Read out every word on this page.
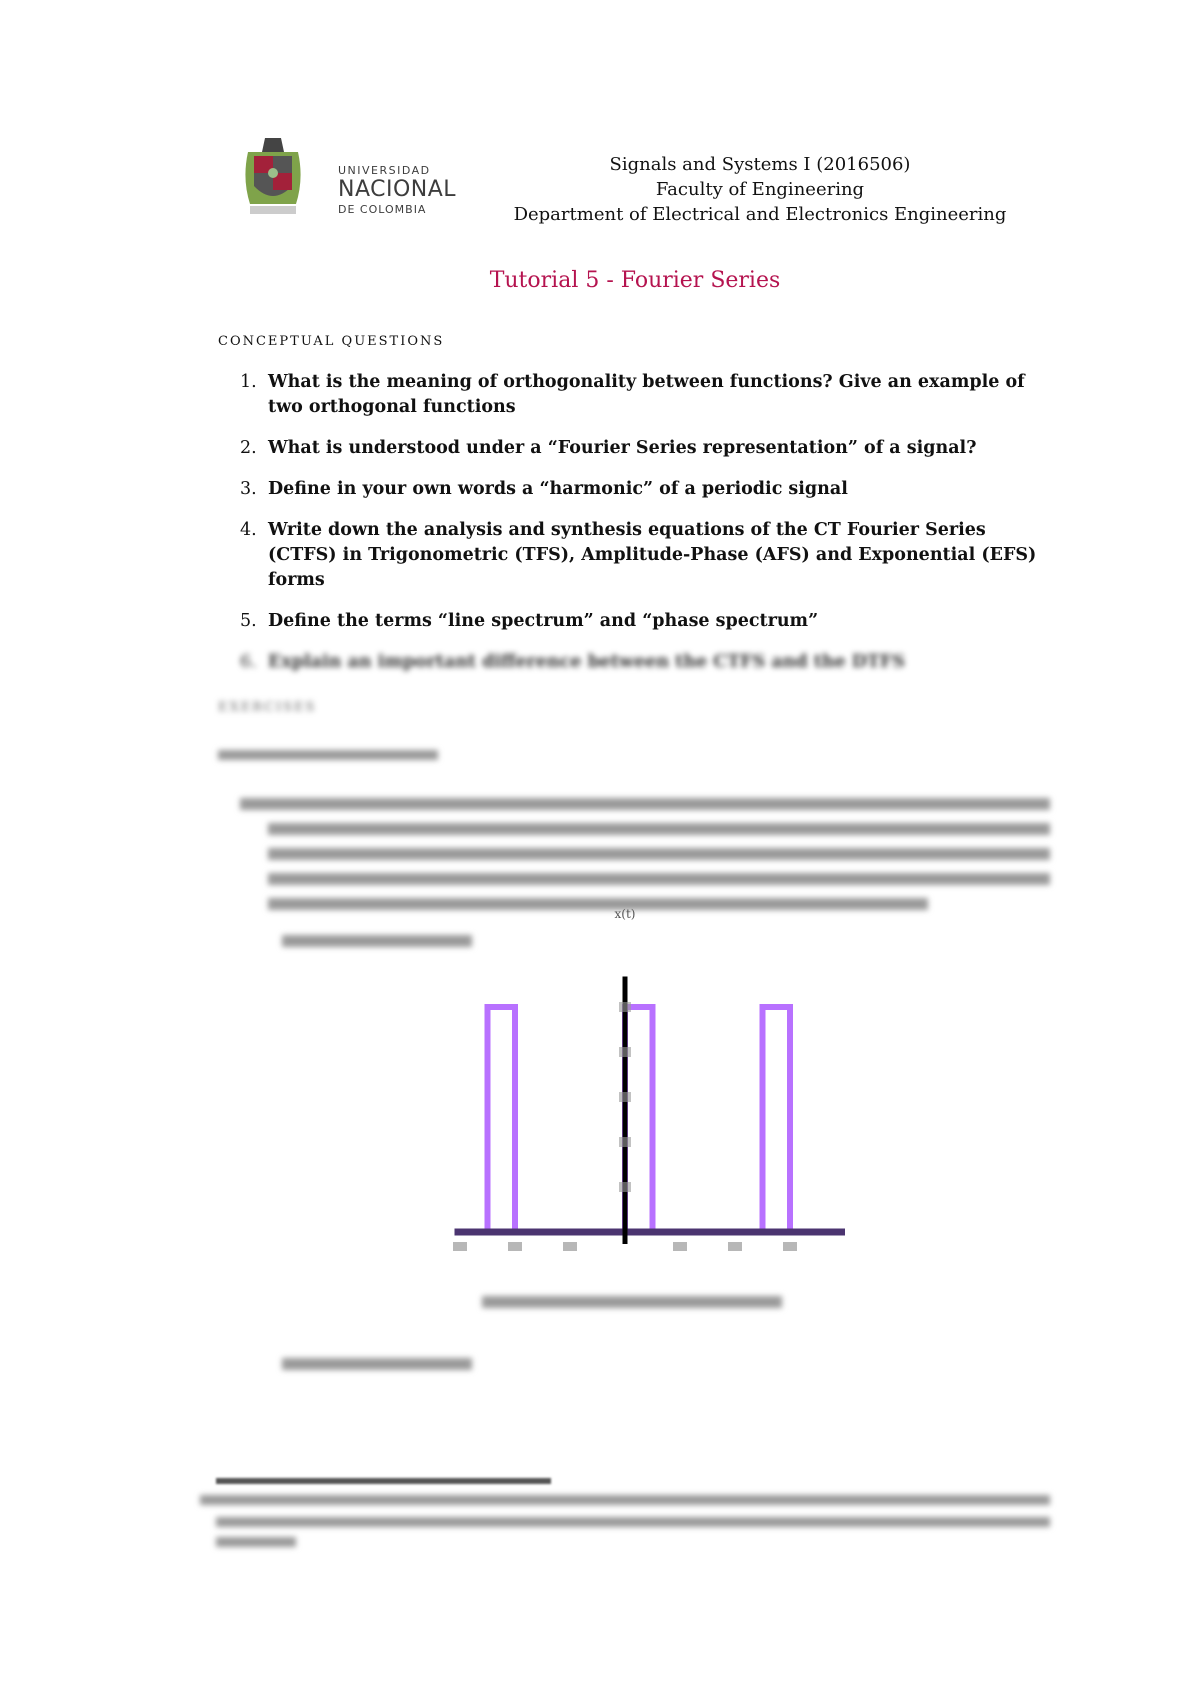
UNIVERSIDAD
NACIONAL
DE COLOMBIA
Signals and Systems I (2016506)
Faculty of Engineering
Department of Electrical and Electronics Engineering
Tutorial 5 - Fourier Series
CONCEPTUAL QUESTIONS
1. What is the meaning of orthogonality between functions? Give an example of two orthogonal functions
2. What is understood under a “Fourier Series representation” of a signal?
3. Define in your own words a “harmonic” of a periodic signal
4. Write down the analysis and synthesis equations of the CT Fourier Series (CTFS) in Trigonometric (TFS), Amplitude-Phase (AFS) and Exponential (EFS) forms
5. Define the terms “line spectrum” and “phase spectrum”
6. Explain an important difference between the CTFS and the DTFS
EXERCISES
x(t)
